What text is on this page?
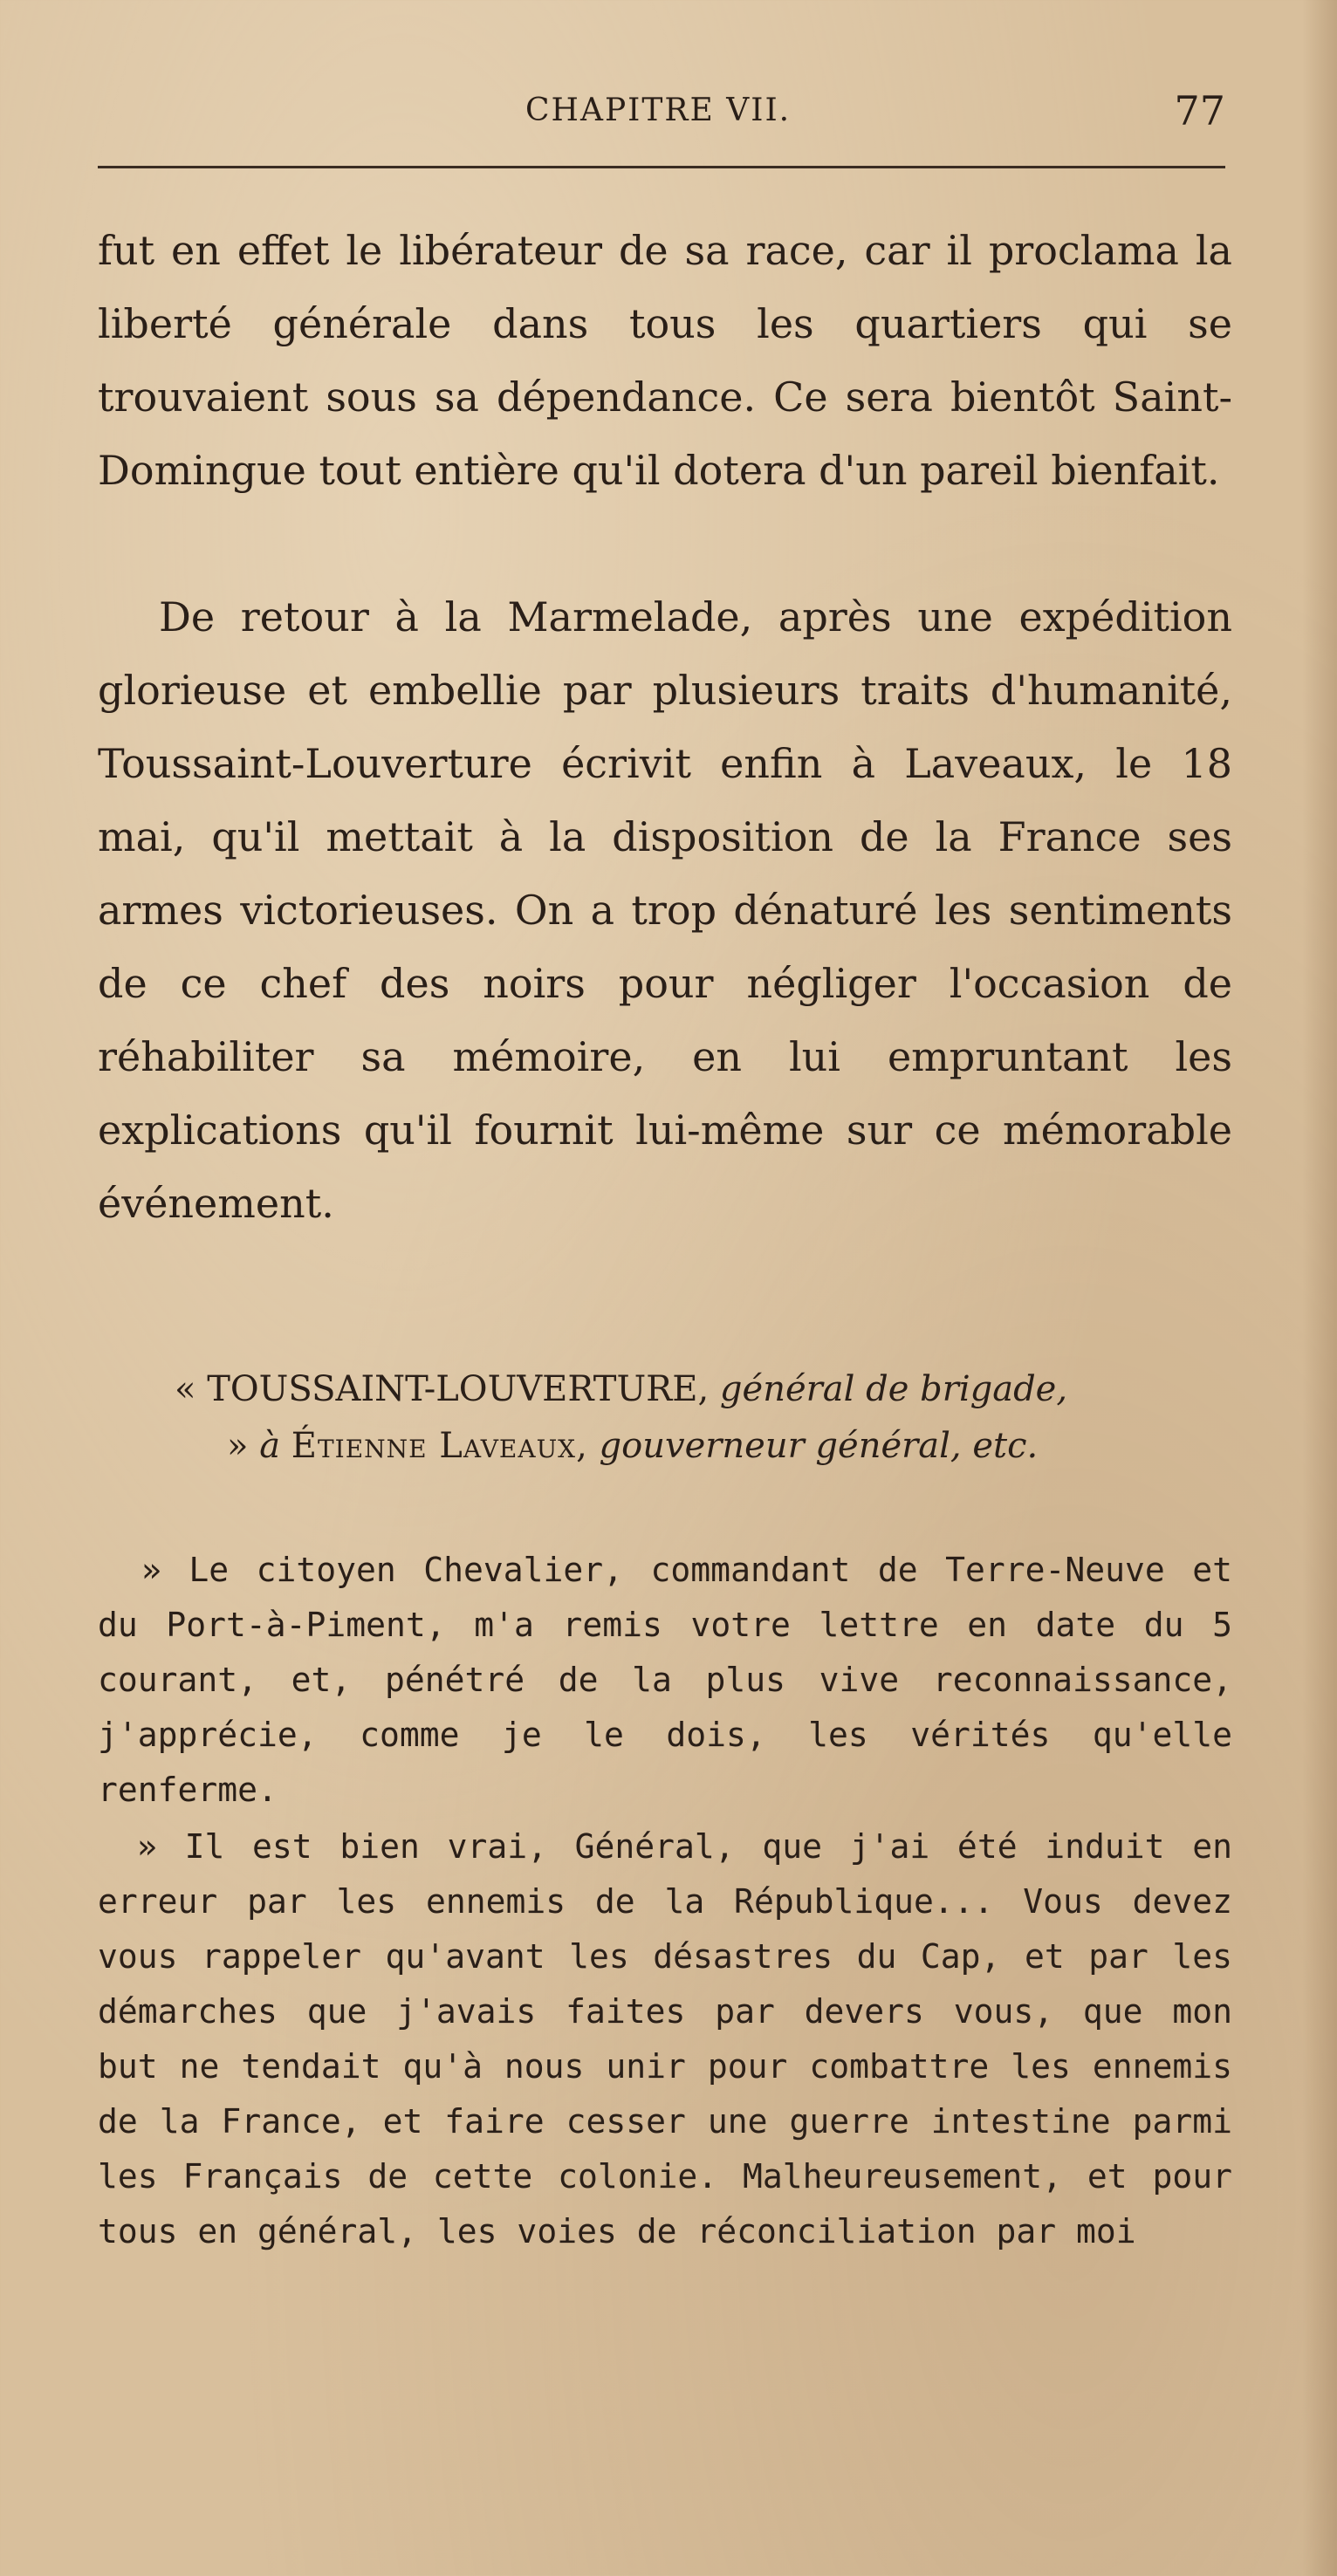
CHAPITRE VII.	77

fut en effet le libérateur de sa race, car il proclama la liberté générale dans tous les quartiers qui se trouvaient sous sa dépendance. Ce sera bientôt Saint-Domingue tout entière qu'il dotera d'un pareil bienfait.

De retour à la Marmelade, après une expédition glorieuse et embellie par plusieurs traits d'humanité, Toussaint-Louverture écrivit enfin à Laveaux, le 18 mai, qu'il mettait à la disposition de la France ses armes victorieuses. On a trop dénaturé les sentiments de ce chef des noirs pour négliger l'occasion de réhabiliter sa mémoire, en lui empruntant les explications qu'il fournit lui-même sur ce mémorable événement.

« TOUSSAINT-LOUVERTURE, général de brigade,
» à Étienne Laveaux, gouverneur général, etc.

» Le citoyen Chevalier, commandant de Terre-Neuve et du Port-à-Piment, m'a remis votre lettre en date du 5 courant, et, pénétré de la plus vive reconnaissance, j'apprécie, comme je le dois, les vérités qu'elle renferme.

» Il est bien vrai, Général, que j'ai été induit en erreur par les ennemis de la République... Vous devez vous rappeler qu'avant les désastres du Cap, et par les démarches que j'avais faites par devers vous, que mon but ne tendait qu'à nous unir pour combattre les ennemis de la France, et faire cesser une guerre intestine parmi les Français de cette colonie. Malheureusement, et pour tous en général, les voies de réconciliation par moi
